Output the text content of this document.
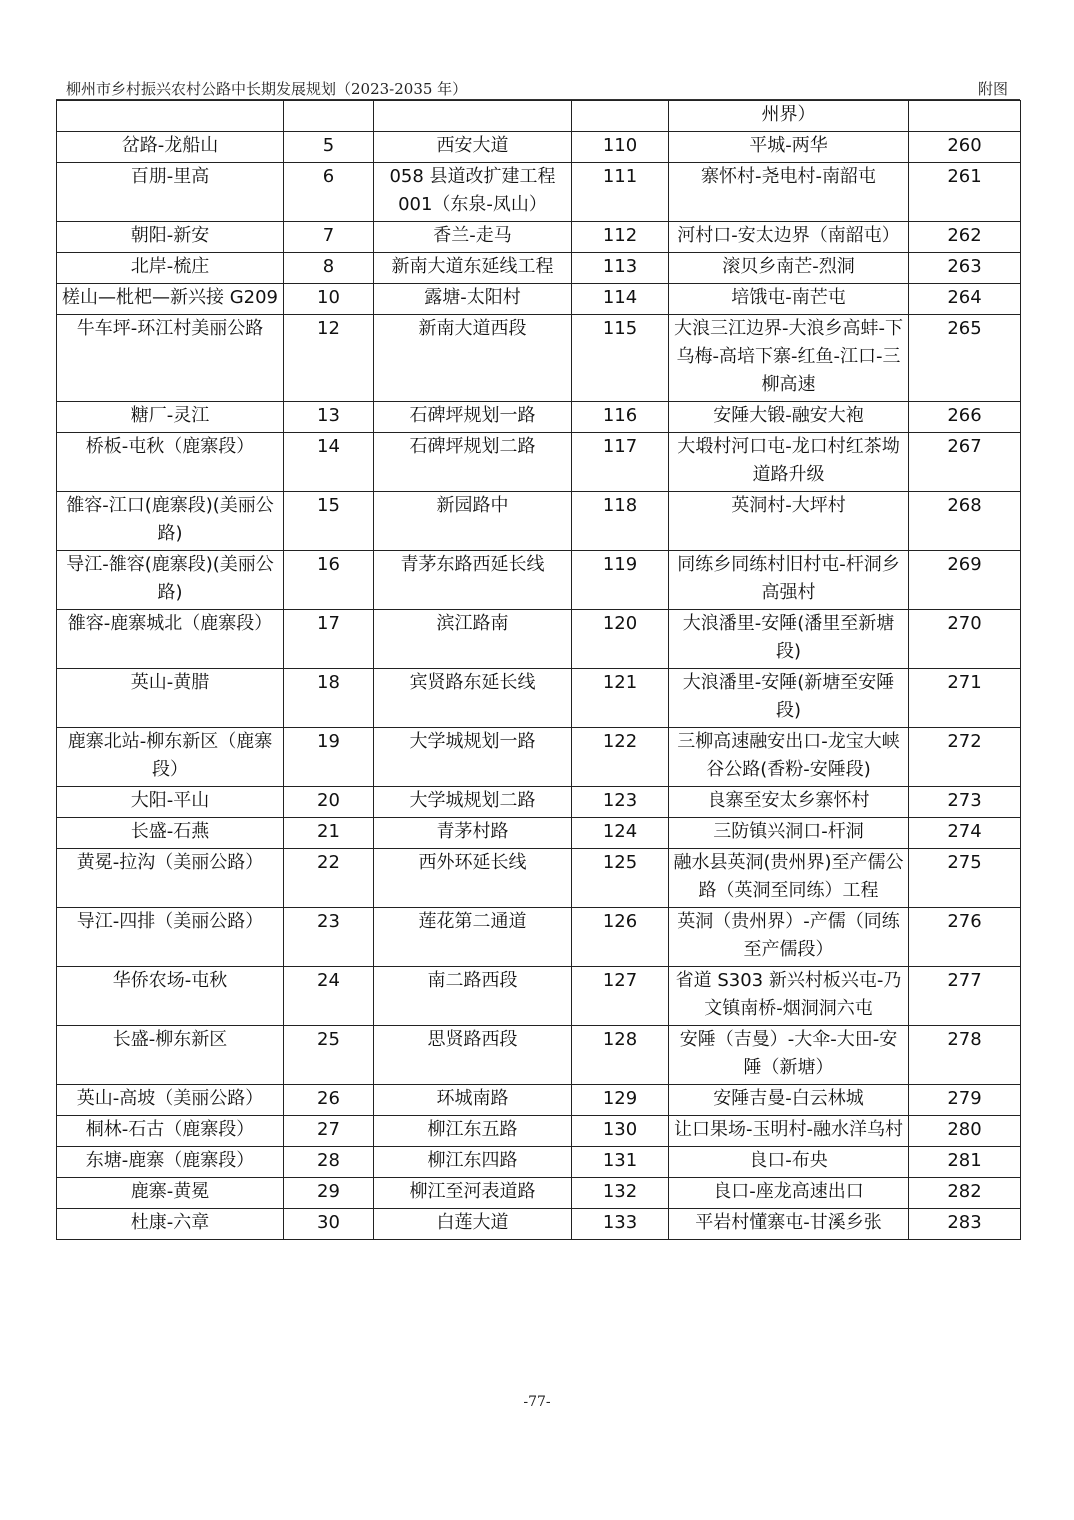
柳州市乡村振兴农村公路中长期发展规划（2023-2035 年）	附图
				州界）	
岔路-龙船山	5	西安大道	110	平城-两华	260
百朋-里高	6	058 县道改扩建工程 001（东泉-凤山）	111	寨怀村-尧电村-南韶屯	261
朝阳-新安	7	香兰-走马	112	河村口-安太边界（南韶屯）	262
北岸-梳庄	8	新南大道东延线工程	113	滚贝乡南芒-烈洞	263
槎山—枇杷—新兴接 G209	10	露塘-太阳村	114	培饿屯-南芒屯	264
牛车坪-环江村美丽公路	12	新南大道西段	115	大浪三江边界-大浪乡高蚌-下乌梅-高培下寨-红鱼-江口-三柳高速	265
糖厂-灵江	13	石碑坪规划一路	116	安陲大锻-融安大袍	266
桥板-屯秋（鹿寨段）	14	石碑坪规划二路	117	大塅村河口屯-龙口村红茶坳道路升级	267
雒容-江口(鹿寨段)(美丽公路)	15	新园路中	118	英洞村-大坪村	268
导江-雒容(鹿寨段)(美丽公路)	16	青茅东路西延长线	119	同练乡同练村旧村屯-杆洞乡高强村	269
雒容-鹿寨城北（鹿寨段）	17	滨江路南	120	大浪潘里-安陲(潘里至新塘段)	270
英山-黄腊	18	宾贤路东延长线	121	大浪潘里-安陲(新塘至安陲段)	271
鹿寨北站-柳东新区（鹿寨段）	19	大学城规划一路	122	三柳高速融安出口-龙宝大峡谷公路(香粉-安陲段)	272
大阳-平山	20	大学城规划二路	123	良寨至安太乡寨怀村	273
长盛-石燕	21	青茅村路	124	三防镇兴洞口-杆洞	274
黄冕-拉沟（美丽公路）	22	西外环延长线	125	融水县英洞(贵州界)至产儒公路（英洞至同练）工程	275
导江-四排（美丽公路）	23	莲花第二通道	126	英洞（贵州界）-产儒（同练至产儒段）	276
华侨农场-屯秋	24	南二路西段	127	省道 S303 新兴村板兴屯-乃文镇南桥-烟洞洞六屯	277
长盛-柳东新区	25	思贤路西段	128	安陲（吉曼）-大伞-大田-安陲（新塘）	278
英山-高坡（美丽公路）	26	环城南路	129	安陲吉曼-白云林城	279
桐林-石古（鹿寨段）	27	柳江东五路	130	让口果场-玉明村-融水洋乌村	280
东塘-鹿寨（鹿寨段）	28	柳江东四路	131	良口-布央	281
鹿寨-黄冕	29	柳江至河表道路	132	良口-座龙高速出口	282
杜康-六章	30	白莲大道	133	平岩村懂寨屯-甘溪乡张	283
-77-
